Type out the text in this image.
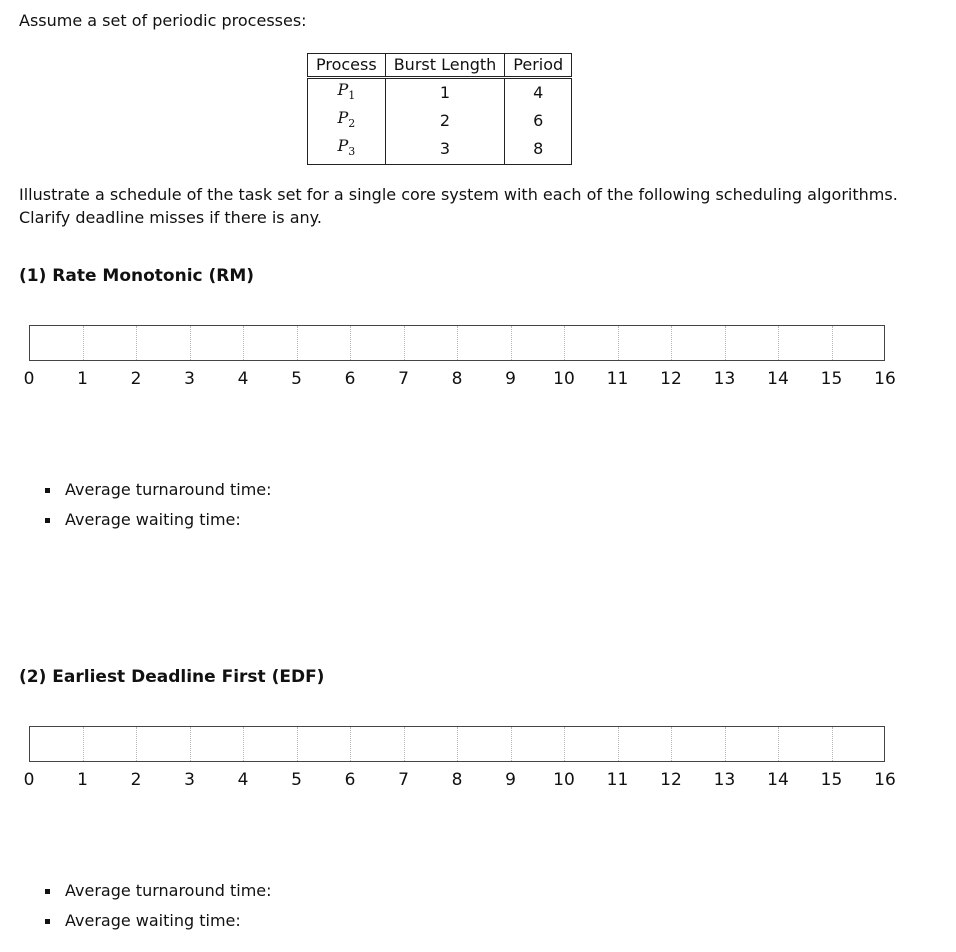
Assume a set of periodic processes:
Process	Burst Length	Period
$P_1$	1	4
$P_2$	2	6
$P_3$	3	8
Illustrate a schedule of the task set for a single core system with each of the following scheduling algorithms.
Clarify deadline misses if there is any.
(1) Rate Monotonic (RM)
0	1	2	3	4	5	6	7	8	9	10	11	12	13	14	15	16
Average turnaround time:
Average waiting time:
(2) Earliest Deadline First (EDF)
0	1	2	3	4	5	6	7	8	9	10	11	12	13	14	15	16
Average turnaround time:
Average waiting time:
